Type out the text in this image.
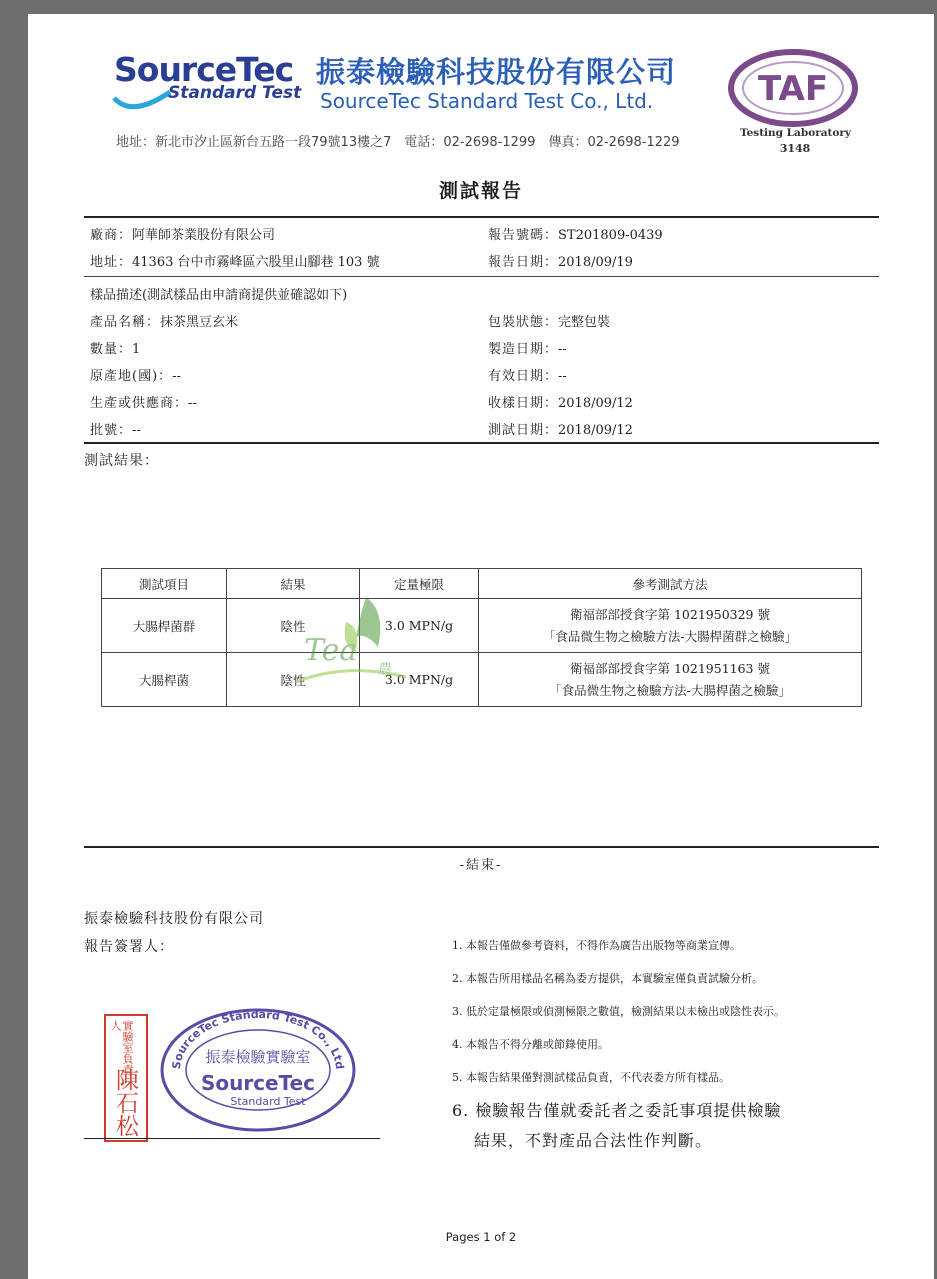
SourceTec
Standard Test
振泰檢驗科技股份有限公司
SourceTec Standard Test Co., Ltd.
地址：新北市汐止區新台五路一段79號13樓之7　電話：02-2698-1299　傳真：02-2698-1229
TAF
Testing Laboratory
3148
測試報告
廠商：阿華師茶業股份有限公司	報告號碼：ST201809-0439
地址：41363 台中市霧峰區六股里山腳巷 103 號	報告日期：2018/09/19
樣品描述(測試樣品由申請商提供並確認如下)
產品名稱：抹茶黑豆玄米	包裝狀態：完整包裝
數量：1	製造日期：--
原產地(國)：--	有效日期：--
生產或供應商：--	收樣日期：2018/09/12
批號：--	測試日期：2018/09/12
測試結果：
測試項目	結果	定量極限	參考測試方法
大腸桿菌群	陰性	3.0 MPN/g	衛福部部授食字第 1021950329 號
「食品微生物之檢驗方法-大腸桿菌群之檢驗」

大腸桿菌	陰性	3.0 MPN/g	衛福部部授食字第 1021951163 號
「食品微生物之檢驗方法-大腸桿菌之檢驗」
Tea
農
-結束-
振泰檢驗科技股份有限公司
報告簽署人：
實驗室負責人
陳石松
SourceTec Standard Test Co., Ltd
振泰檢驗實驗室
SourceTec
Standard Test
1. 本報告僅做參考資料，不得作為廣告出版物等商業宣傳。
2. 本報告所用樣品名稱為委方提供，本實驗室僅負責試驗分析。
3. 低於定量極限或偵測極限之數值，檢測結果以未檢出或陰性表示。
4. 本報告不得分離或節錄使用。
5. 本報告結果僅對測試樣品負責，不代表委方所有樣品。
6. 檢驗報告僅就委託者之委託事項提供檢驗
結果，不對產品合法性作判斷。
Pages 1 of 2
